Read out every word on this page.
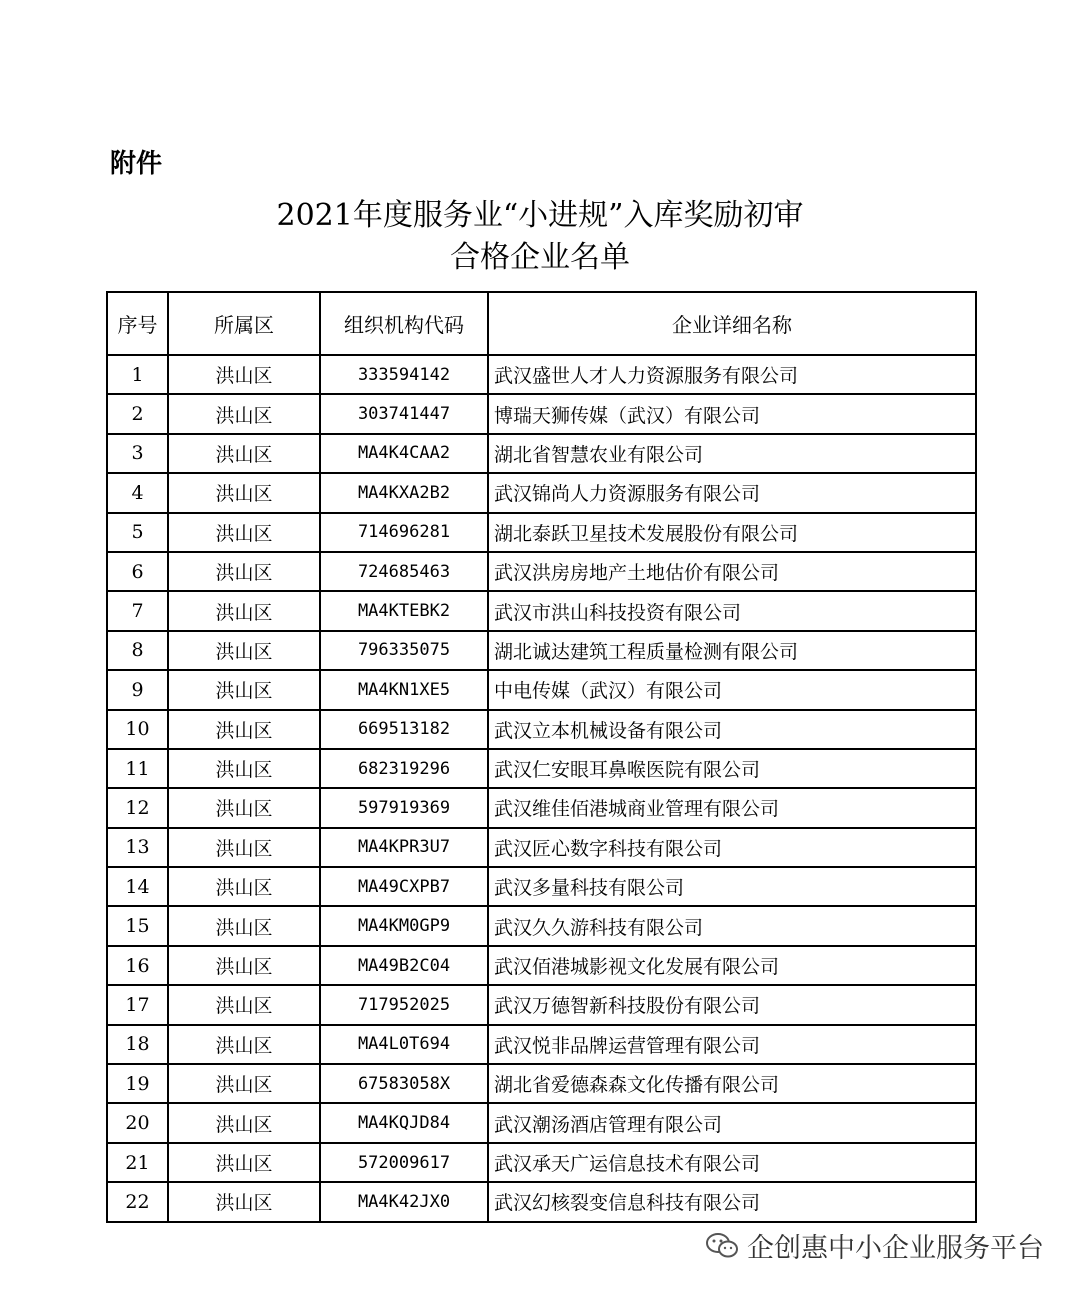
附件
2021年度服务业“小进规”入库奖励初审
合格企业名单
序号	所属区	组织机构代码	企业详细名称
1	洪山区	333594142	武汉盛世人才人力资源服务有限公司
2	洪山区	303741447	博瑞天狮传媒（武汉）有限公司
3	洪山区	MA4K4CAA2	湖北省智慧农业有限公司
4	洪山区	MA4KXA2B2	武汉锦尚人力资源服务有限公司
5	洪山区	714696281	湖北泰跃卫星技术发展股份有限公司
6	洪山区	724685463	武汉洪房房地产土地估价有限公司
7	洪山区	MA4KTEBK2	武汉市洪山科技投资有限公司
8	洪山区	796335075	湖北诚达建筑工程质量检测有限公司
9	洪山区	MA4KN1XE5	中电传媒（武汉）有限公司
10	洪山区	669513182	武汉立本机械设备有限公司
11	洪山区	682319296	武汉仁安眼耳鼻喉医院有限公司
12	洪山区	597919369	武汉维佳佰港城商业管理有限公司
13	洪山区	MA4KPR3U7	武汉匠心数字科技有限公司
14	洪山区	MA49CXPB7	武汉多量科技有限公司
15	洪山区	MA4KM0GP9	武汉久久游科技有限公司
16	洪山区	MA49B2C04	武汉佰港城影视文化发展有限公司
17	洪山区	717952025	武汉万德智新科技股份有限公司
18	洪山区	MA4L0T694	武汉悦非品牌运营管理有限公司
19	洪山区	67583058X	湖北省爱德森森文化传播有限公司
20	洪山区	MA4KQJD84	武汉潮汤酒店管理有限公司
21	洪山区	572009617	武汉承天广运信息技术有限公司
22	洪山区	MA4K42JX0	武汉幻核裂变信息科技有限公司
企创惠中小企业服务平台
